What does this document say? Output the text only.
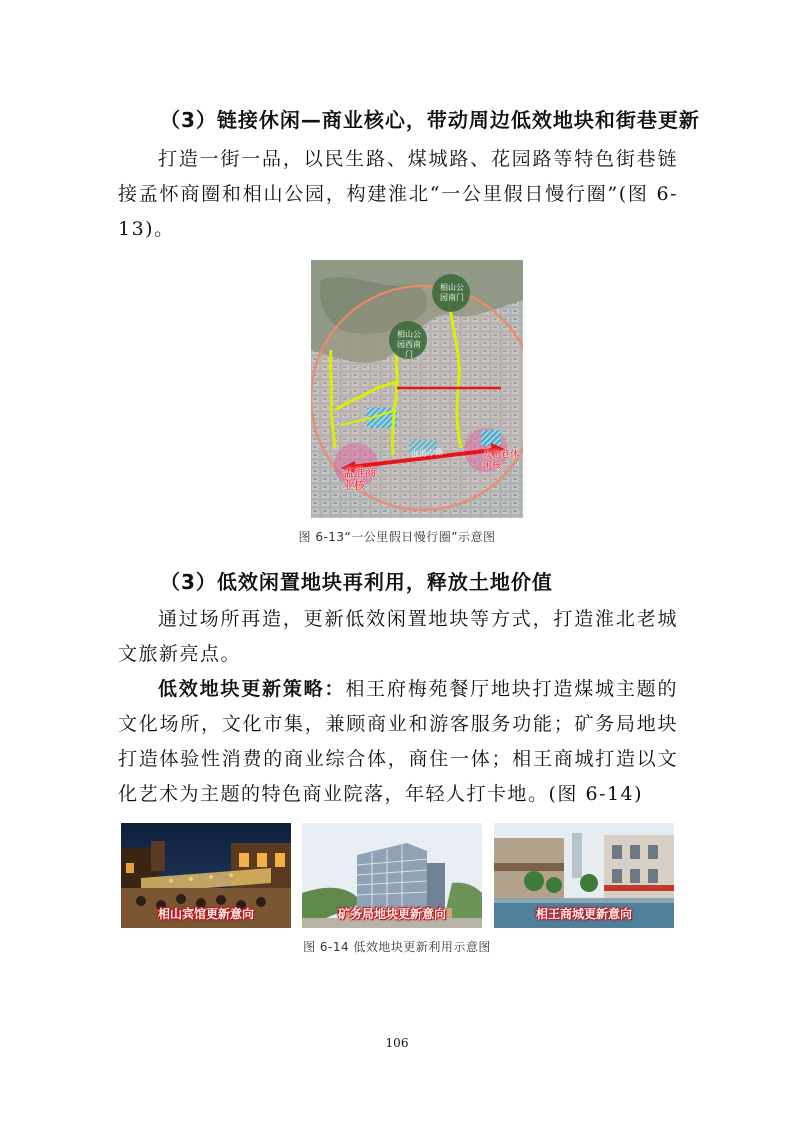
（3）链接休闲—商业核心，带动周边低效地块和街巷更新
打造一街一品，以民生路、煤城路、花园路等特色街巷链接孟怀商圈和相山公园，构建淮北“一公里假日慢行圈”(图 6-13)。
相山公园南门
相山公园西南门
淮海中路
孟淮商业核
友谊巷休闲核
图 6-13“一公里假日慢行圈”示意图
（3）低效闲置地块再利用，释放土地价值
通过场所再造，更新低效闲置地块等方式，打造淮北老城文旅新亮点。
低效地块更新策略：相王府梅苑餐厅地块打造煤城主题的文化场所，文化市集，兼顾商业和游客服务功能；矿务局地块打造体验性消费的商业综合体，商住一体；相王商城打造以文化艺术为主题的特色商业院落，年轻人打卡地。(图 6-14)
相山宾馆更新意向	矿务局地块更新意向	相王商城更新意向
图 6-14 低效地块更新利用示意图
106
